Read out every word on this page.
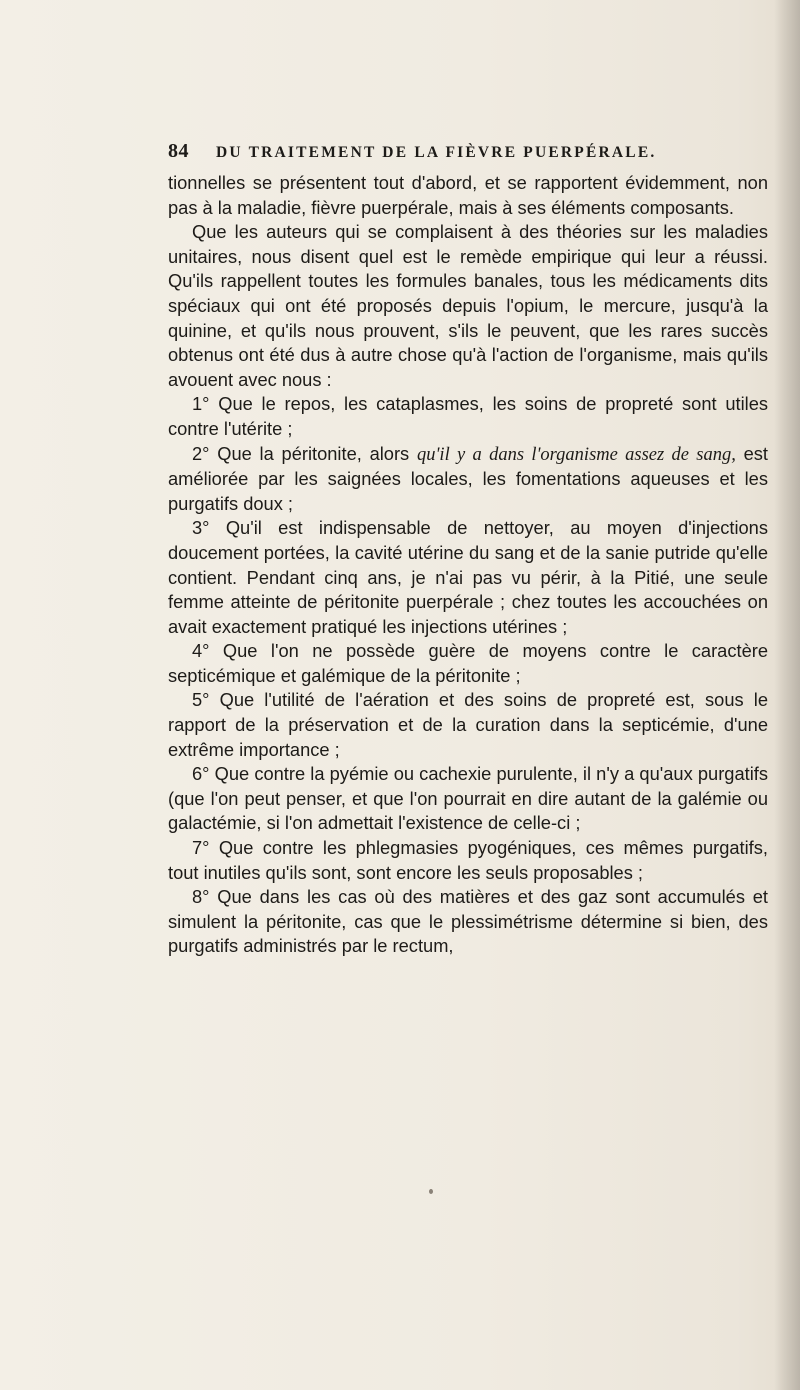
84	DU TRAITEMENT DE LA FIÈVRE PUERPÉRALE.

tionnelles se présentent tout d'abord, et se rapportent évidemment, non pas à la maladie, fièvre puerpérale, mais à ses éléments composants.

Que les auteurs qui se complaisent à des théories sur les maladies unitaires, nous disent quel est le remède empirique qui leur a réussi. Qu'ils rappellent toutes les formules banales, tous les médicaments dits spéciaux qui ont été proposés depuis l'opium, le mercure, jusqu'à la quinine, et qu'ils nous prouvent, s'ils le peuvent, que les rares succès obtenus ont été dus à autre chose qu'à l'action de l'organisme, mais qu'ils avouent avec nous :

1° Que le repos, les cataplasmes, les soins de propreté sont utiles contre l'utérite ;

2° Que la péritonite, alors qu'il y a dans l'organisme assez de sang, est améliorée par les saignées locales, les fomentations aqueuses et les purgatifs doux ;

3° Qu'il est indispensable de nettoyer, au moyen d'injections doucement portées, la cavité utérine du sang et de la sanie putride qu'elle contient. Pendant cinq ans, je n'ai pas vu périr, à la Pitié, une seule femme atteinte de péritonite puerpérale ; chez toutes les accouchées on avait exactement pratiqué les injections utérines ;

4° Que l'on ne possède guère de moyens contre le caractère septicémique et galémique de la péritonite ;

5° Que l'utilité de l'aération et des soins de propreté est, sous le rapport de la préservation et de la curation dans la septicémie, d'une extrême importance ;

6° Que contre la pyémie ou cachexie purulente, il n'y a qu'aux purgatifs (que l'on peut penser, et que l'on pourrait en dire autant de la galémie ou galactémie, si l'on admettait l'existence de celle-ci ;

7° Que contre les phlegmasies pyogéniques, ces mêmes purgatifs, tout inutiles qu'ils sont, sont encore les seuls proposables ;

8° Que dans les cas où des matières et des gaz sont accumulés et simulent la péritonite, cas que le plessimétrisme détermine si bien, des purgatifs administrés par le rectum,
